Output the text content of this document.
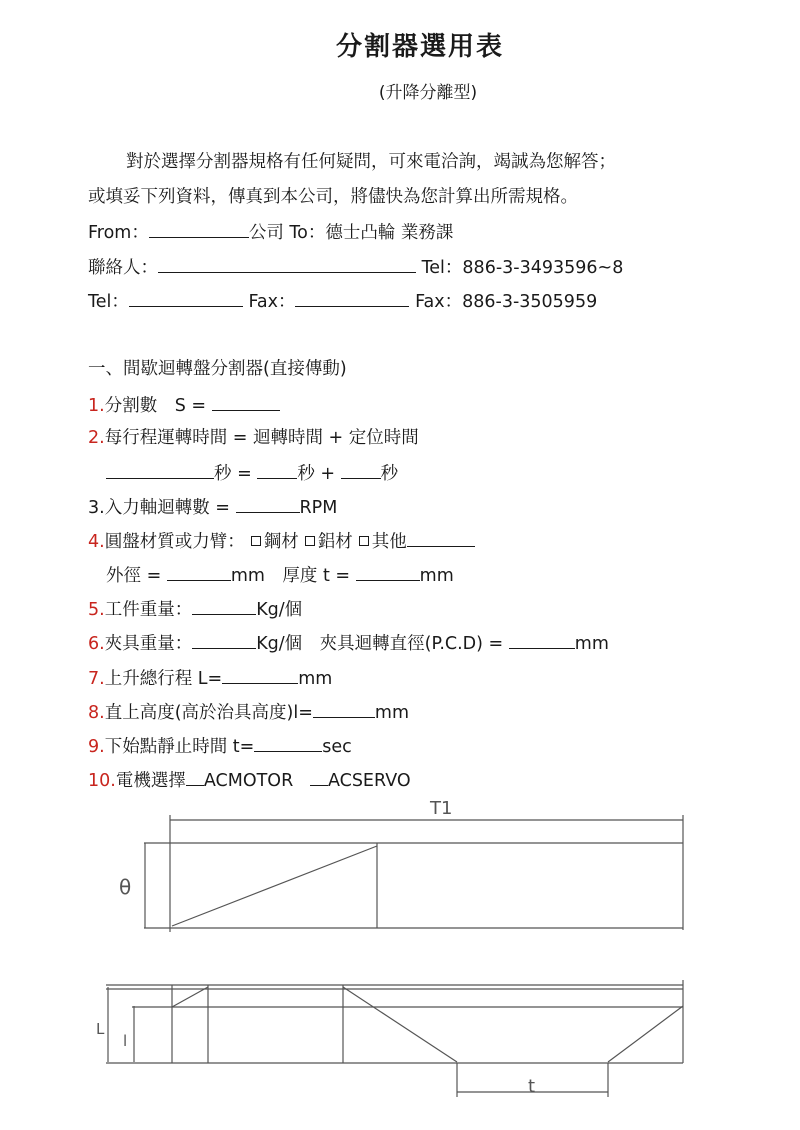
分割器選用表
(升降分離型)
對於選擇分割器規格有任何疑問，可來電洽詢，竭誠為您解答；
或填妥下列資料，傳真到本公司，將儘快為您計算出所需規格。
From：	公司 To：德士凸輪 業務課
聯絡人：	Tel：886-3-3493596~8
Tel：	Fax：	Fax：886-3-3505959
一、間歇迴轉盤分割器(直接傳動)
1.分割數　S =
2.每行程運轉時間 = 迴轉時間 + 定位時間
秒 =	秒 +	秒
3.入力軸迴轉數 =	RPM
4.圓盤材質或力臂： 鋼材 鋁材 其他
外徑 =	mm　厚度 t =	mm
5.工件重量：	Kg/個
6.夾具重量：	Kg/個　夾具迴轉直徑(P.C.D) =	mm
7.上升總行程 L=	mm
8.直上高度(高於治具高度)l=	mm
9.下始點靜止時間 t=	sec
10.電機選擇 ACMOTOR ACSERVO
T1
θ
L
l
t
